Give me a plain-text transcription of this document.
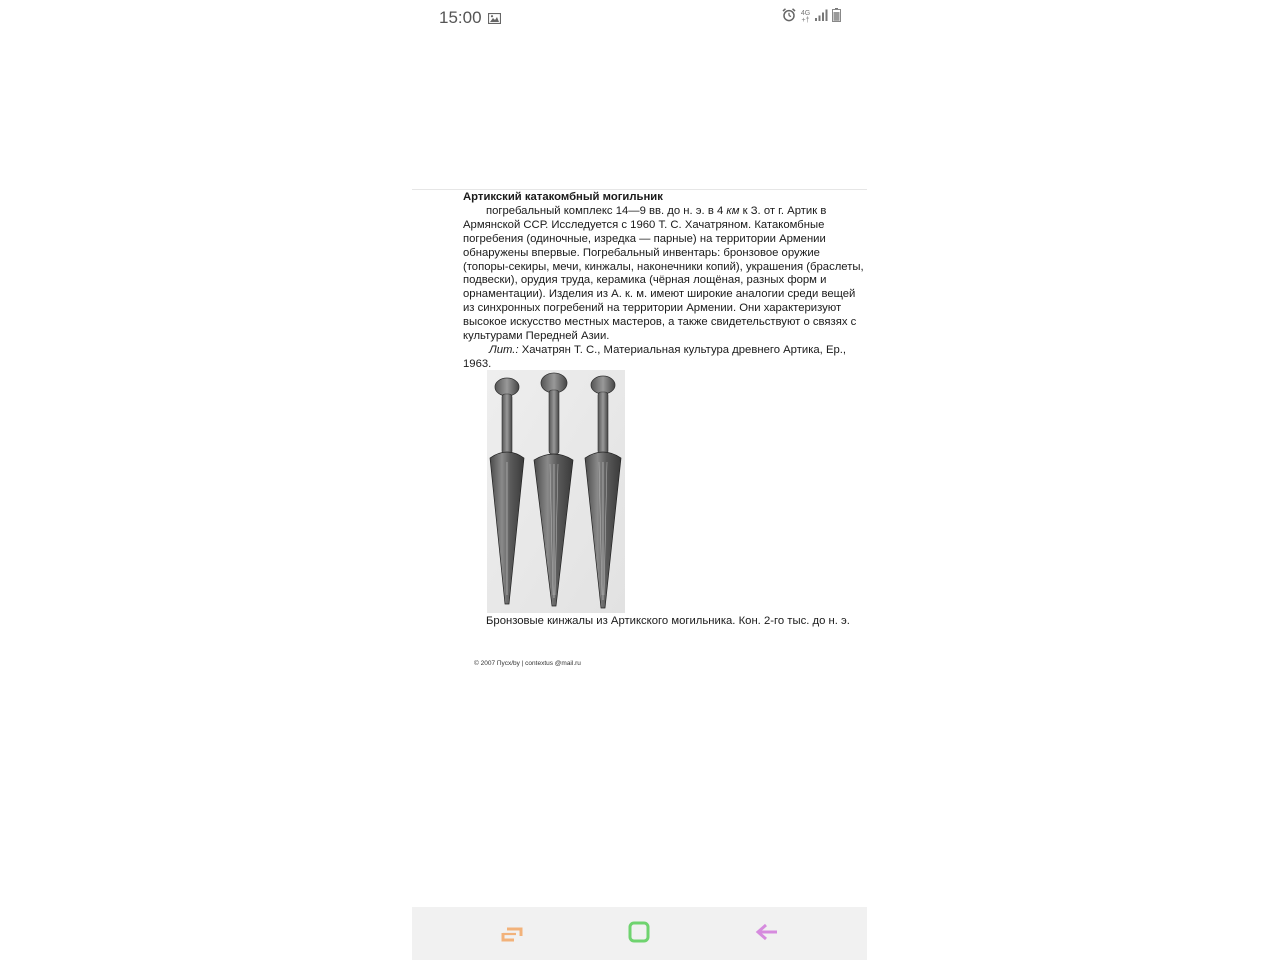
15:00	4G
+†
Артикский катакомбный могильник

погребальный комплекс 14—9 вв. до н. э. в 4 км к З. от г. Артик в Армянской ССР. Исследуется с 1960 Т. С. Хачатряном. Катакомбные погребения (одиночные, изредка — парные) на территории Армении обнаружены впервые. Погребальный инвентарь: бронзовое оружие (топоры-секиры, мечи, кинжалы, наконечники копий), украшения (браслеты, подвески), орудия труда, керамика (чёрная лощёная, разных форм и орнаментации). Изделия из А. к. м. имеют широкие аналогии среди вещей из синхронных погребений на территории Армении. Они характеризуют высокое искусство местных мастеров, а также свидетельствуют о связях с культурами Передней Азии.

Лит.: Хачатрян Т. С., Материальная культура древнего Артика, Ер., 1963.

Бронзовые кинжалы из Артикского могильника. Кон. 2-го тыс. до н. э.
© 2007 Пусх/by | contextus @mail.ru
